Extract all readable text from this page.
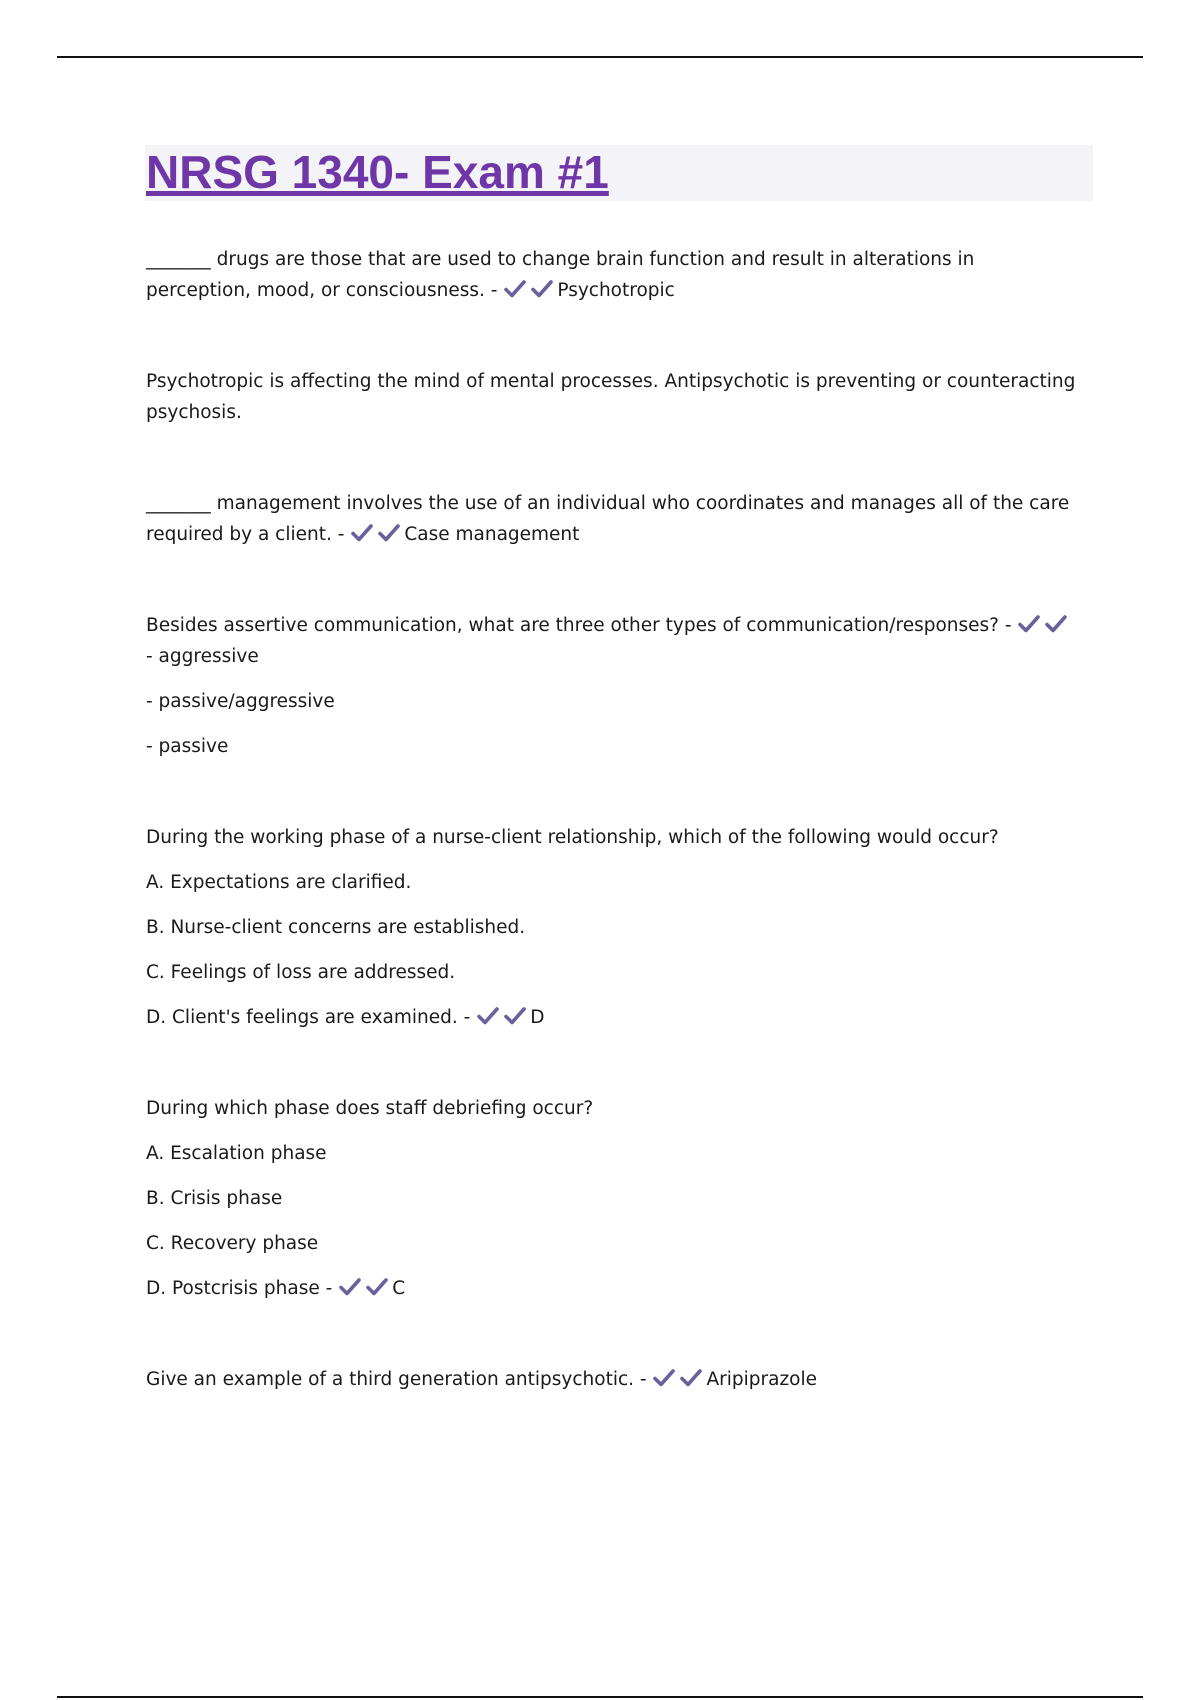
NRSG 1340- Exam #1

_______ drugs are those that are used to change brain function and result in alterations in perception, mood, or consciousness. -	Psychotropic

Psychotropic is affecting the mind of mental processes. Antipsychotic is preventing or counteracting psychosis.

_______ management involves the use of an individual who coordinates and manages all of the care required by a client. -	Case management

Besides assertive communication, what are three other types of communication/responses? -
- aggressive

- passive/aggressive

- passive

During the working phase of a nurse-client relationship, which of the following would occur?

A. Expectations are clarified.

B. Nurse-client concerns are established.

C. Feelings of loss are addressed.

D. Client's feelings are examined. -	D

During which phase does staff debriefing occur?

A. Escalation phase

B. Crisis phase

C. Recovery phase

D. Postcrisis phase -	C

Give an example of a third generation antipsychotic. -	Aripiprazole
